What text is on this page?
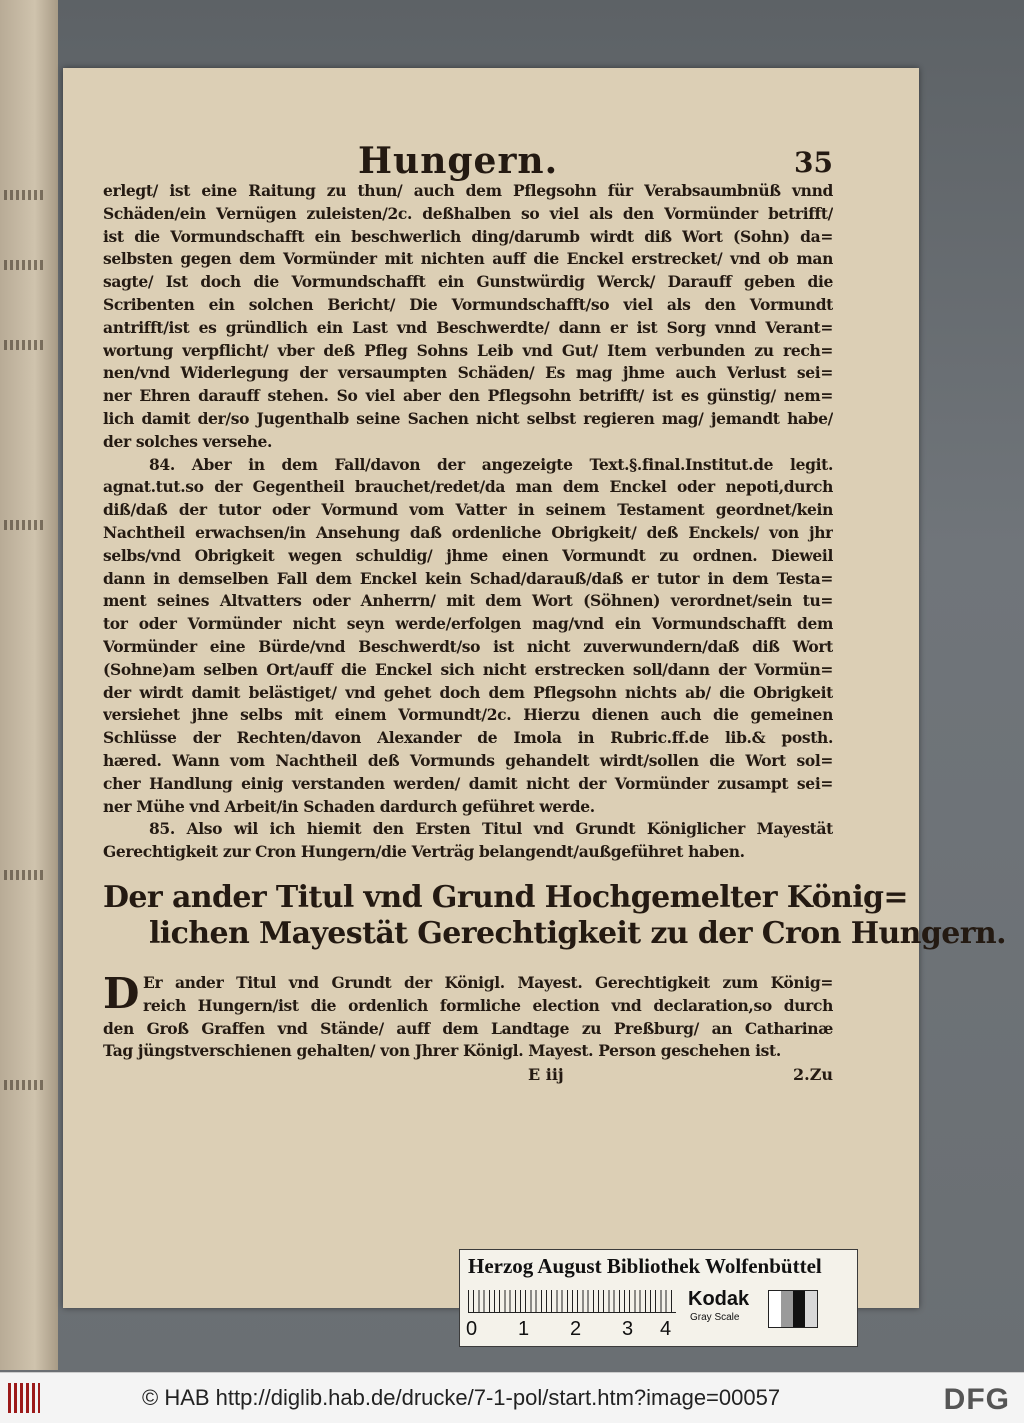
Hungern.	35
erlegt/ ist eine Raitung zu thun/ auch dem Pflegsohn für Verabsaumbnüß vnnd
Schäden/ein Vernügen zuleisten/2c. deßhalben so viel als den Vormünder betrifft/
ist die Vormundschafft ein beschwerlich ding/darumb wirdt diß Wort (Sohn) da=
selbsten gegen dem Vormünder mit nichten auff die Enckel erstrecket/ vnd ob man
sagte/ Ist doch die Vormundschafft ein Gunstwürdig Werck/ Darauff geben die
Scribenten ein solchen Bericht/ Die Vormundschafft/so viel als den Vormundt
antrifft/ist es gründlich ein Last vnd Beschwerdte/ dann er ist Sorg vnnd Verant=
wortung verpflicht/ vber deß Pfleg Sohns Leib vnd Gut/ Item verbunden zu rech=
nen/vnd Widerlegung der versaumpten Schäden/ Es mag jhme auch Verlust sei=
ner Ehren darauff stehen. So viel aber den Pflegsohn betrifft/ ist es günstig/ nem=
lich damit der/so Jugenthalb seine Sachen nicht selbst regieren mag/ jemandt habe/
der solches versehe.
84. Aber in dem Fall/davon der angezeigte Text.§.final.Institut.de legit.
agnat.tut.so der Gegentheil brauchet/redet/da man dem Enckel oder nepoti,durch
diß/daß der tutor oder Vormund vom Vatter in seinem Testament geordnet/kein
Nachtheil erwachsen/in Ansehung daß ordenliche Obrigkeit/ deß Enckels/ von jhr
selbs/vnd Obrigkeit wegen schuldig/ jhme einen Vormundt zu ordnen. Dieweil
dann in demselben Fall dem Enckel kein Schad/darauß/daß er tutor in dem Testa=
ment seines Altvatters oder Anherrn/ mit dem Wort (Söhnen) verordnet/sein tu=
tor oder Vormünder nicht seyn werde/erfolgen mag/vnd ein Vormundschafft dem
Vormünder eine Bürde/vnd Beschwerdt/so ist nicht zuverwundern/daß diß Wort
(Sohne)am selben Ort/auff die Enckel sich nicht erstrecken soll/dann der Vormün=
der wirdt damit belästiget/ vnd gehet doch dem Pflegsohn nichts ab/ die Obrigkeit
versiehet jhne selbs mit einem Vormundt/2c. Hierzu dienen auch die gemeinen
Schlüsse der Rechten/davon Alexander de Imola in Rubric.ff.de lib.& posth.
hæred. Wann vom Nachtheil deß Vormunds gehandelt wirdt/sollen die Wort sol=
cher Handlung einig verstanden werden/ damit nicht der Vormünder zusampt sei=
ner Mühe vnd Arbeit/in Schaden dardurch geführet werde.
85. Also wil ich hiemit den Ersten Titul vnd Grundt Königlicher Mayestät
Gerechtigkeit zur Cron Hungern/die Verträg belangendt/außgeführet haben.
Der ander Titul vnd Grund Hochgemelter König=
lichen Mayestät Gerechtigkeit zu der Cron Hungern.
D Er ander Titul vnd Grundt der Königl. Mayest. Gerechtigkeit zum König=
reich Hungern/ist die ordenlich formliche election vnd declaration,so durch
den Groß Graffen vnd Stände/ auff dem Landtage zu Preßburg/ an Catharinæ
Tag jüngstverschienen gehalten/ von Jhrer Königl. Mayest. Person geschehen ist.
E iij	2.Zu
Herzog August Bibliothek Wolfenbüttel
0 1 2 3 4
Kodak
Gray Scale
© HAB http://diglib.hab.de/drucke/7-1-pol/start.htm?image=00057	DFG
